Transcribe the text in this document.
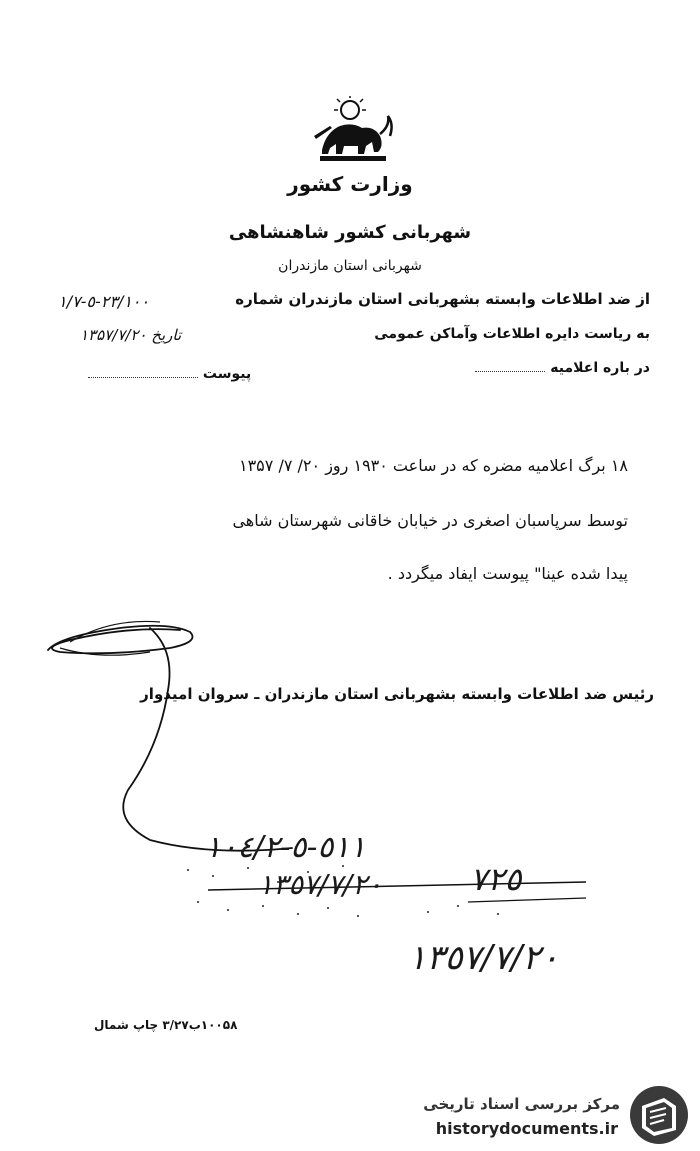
وزارت کشور
شهربانی کشور شاهنشاهی
شهربانی استان مازندران
از ضد اطلاعات وابسته بشهربانی استان مازندران شماره
٢٣/١٠٠-٥-١/٧
به ریاست دایره اطلاعات وآماکن عمومی
تاریخ ۱۳۵۷/۷/۲۰
در باره اعلامیه
پیوست
۱۸ برگ اعلامیه مضره که در ساعت ۱۹۳۰ روز ۲۰/ ۷/ ۱۳۵۷
توسط سرپاسبان اصغری در خیابان خاقانی شهرستان شاهی
پیدا شده عینا" پیوست ایفاد میگردد .
رئیس ضد اطلاعات وابسته بشهربانی استان مازندران ـ سروان امیدوار
٥١١-٥-١٠٤/٢
١٣٥٧/٧/٢٠	٧٢٥
١٣٥٧/٧/٢٠
۱۰۰۵۸ب۳/۲۷ چاپ شمال
مرکز بررسی اسناد تاریخی
historydocuments.ir
